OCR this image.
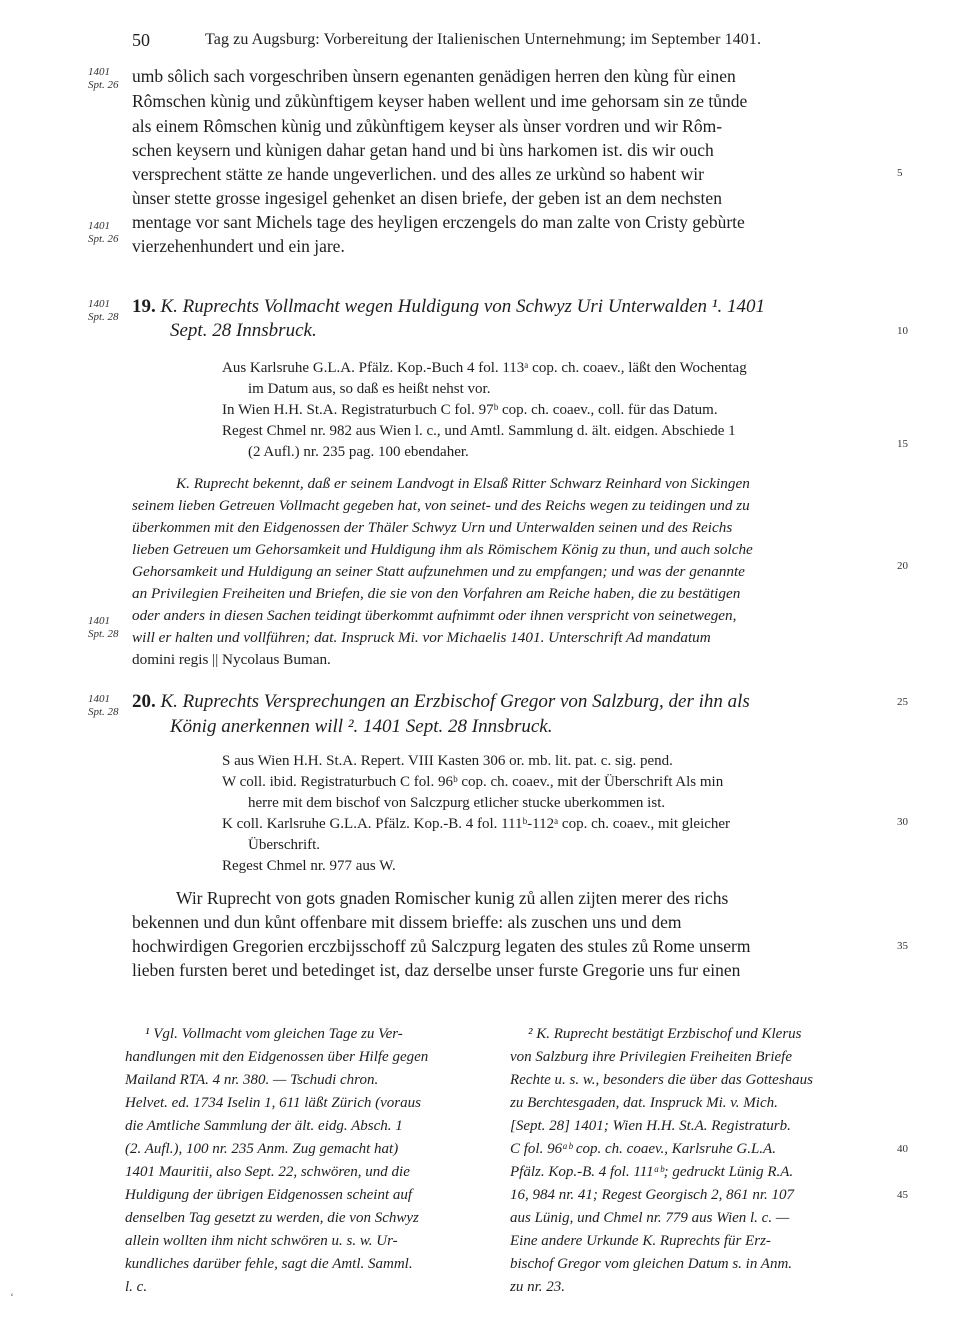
50	Tag zu Augsburg: Vorbereitung der Italienischen Unternehmung; im September 1401.
1401
Spt. 26 umb sôlich sach vorgeschriben ùnsern egenanten genädigen herren den kùng fùr einen
Rômschen kùnig und zůkùnftigem keyser haben wellent und ime gehorsam sin ze tůnde
als einem Rômschen kùnig und zůkùnftigem keyser als ùnser vordren und wir Rôm-
schen keysern und kùnigen dahar getan hand und bi ùns harkomen ist. dis wir ouch
versprechent stätte ze hande ungeverlichen. und des alles ze urkùnd so habent wir	5
ùnser stette grosse ingesigel gehenket an disen briefe, der geben ist an dem nechsten
1401
Spt. 26
mentage vor sant Michels tage des heyligen erczengels do man zalte von Cristy gebùrte
vierzehenhundert und ein jare.
1401
Spt. 28 19. K. Ruprechts Vollmacht wegen Huldigung von Schwyz Uri Unterwalden ¹. 1401
Sept. 28 Innsbruck.	10
Aus Karlsruhe G.L.A. Pfälz. Kop.-Buch 4 fol. 113ᵃ cop. ch. coaev., läßt den Wochentag
im Datum aus, so daß es heißt nehst vor.
In Wien H.H. St.A. Registraturbuch C fol. 97ᵇ cop. ch. coaev., coll. für das Datum.
Regest Chmel nr. 982 aus Wien l. c., und Amtl. Sammlung d. ält. eidgen. Abschiede 1
(2 Aufl.) nr. 235 pag. 100 ebendaher.	15
K. Ruprecht bekennt, daß er seinem Landvogt in Elsaß Ritter Schwarz Reinhard von Sickingen
seinem lieben Getreuen Vollmacht gegeben hat, von seinet- und des Reichs wegen zu teidingen und zu
überkommen mit den Eidgenossen der Thäler Schwyz Urn und Unterwalden seinen und des Reichs
lieben Getreuen um Gehorsamkeit und Huldigung ihm als Römischem König zu thun, und auch solche
Gehorsamkeit und Huldigung an seiner Statt aufzunehmen und zu empfangen; und was der genannte	20
an Privilegien Freiheiten und Briefen, die sie von den Vorfahren am Reiche haben, die zu bestätigen
oder anders in diesen Sachen teidingt überkommt aufnimmt oder ihnen verspricht von seinetwegen,
1401
Spt. 28 will er halten und vollführen; dat. Inspruck Mi. vor Michaelis 1401. Unterschrift Ad mandatum
domini regis || Nycolaus Buman.
1401
Spt. 28 20. K. Ruprechts Versprechungen an Erzbischof Gregor von Salzburg, der ihn als	25
König anerkennen will ². 1401 Sept. 28 Innsbruck.
S aus Wien H.H. St.A. Repert. VIII Kasten 306 or. mb. lit. pat. c. sig. pend.
W coll. ibid. Registraturbuch C fol. 96ᵇ cop. ch. coaev., mit der Überschrift Als min
herre mit dem bischof von Salczpurg etlicher stucke uberkommen ist.
K coll. Karlsruhe G.L.A. Pfälz. Kop.-B. 4 fol. 111ᵇ-112ᵃ cop. ch. coaev., mit gleicher	30
Überschrift.
Regest Chmel nr. 977 aus W.
Wir Ruprecht von gots gnaden Romischer kunig zů allen zijten merer des richs
bekennen und dun kůnt offenbare mit dissem brieffe: als zuschen uns und dem
hochwirdigen Gregorien erczbijsschoff zů Salczpurg legaten des stules zů Rome unserm	35
lieben fursten beret und betedinget ist, daz derselbe unser furste Gregorie uns fur einen
¹ Vgl. Vollmacht vom gleichen Tage zu Ver-
handlungen mit den Eidgenossen über Hilfe gegen
Mailand RTA. 4 nr. 380. — Tschudi chron.
Helvet. ed. 1734 Iselin 1, 611 läßt Zürich (voraus
die Amtliche Sammlung der ält. eidg. Absch. 1
(2. Aufl.), 100 nr. 235 Anm. Zug gemacht hat)
1401 Mauritii, also Sept. 22, schwören, und die
Huldigung der übrigen Eidgenossen scheint auf
denselben Tag gesetzt zu werden, die von Schwyz
allein wollten ihm nicht schwören u. s. w. Ur-
kundliches darüber fehle, sagt die Amtl. Samml.
l. c.
² K. Ruprecht bestätigt Erzbischof und Klerus
von Salzburg ihre Privilegien Freiheiten Briefe
Rechte u. s. w., besonders die über das Gotteshaus
zu Berchtesgaden, dat. Inspruck Mi. v. Mich.
[Sept. 28] 1401; Wien H.H. St.A. Registraturb.
C fol. 96ᵃᵇ cop. ch. coaev., Karlsruhe G.L.A.
Pfälz. Kop.-B. 4 fol. 111ᵃᵇ; gedruckt Lünig R.A.
16, 984 nr. 41; Regest Georgisch 2, 861 nr. 107
aus Lünig, und Chmel nr. 779 aus Wien l. c. —
Eine andere Urkunde K. Ruprechts für Erz-
bischof Gregor vom gleichen Datum s. in Anm.
zu nr. 23.
40
45
‘
